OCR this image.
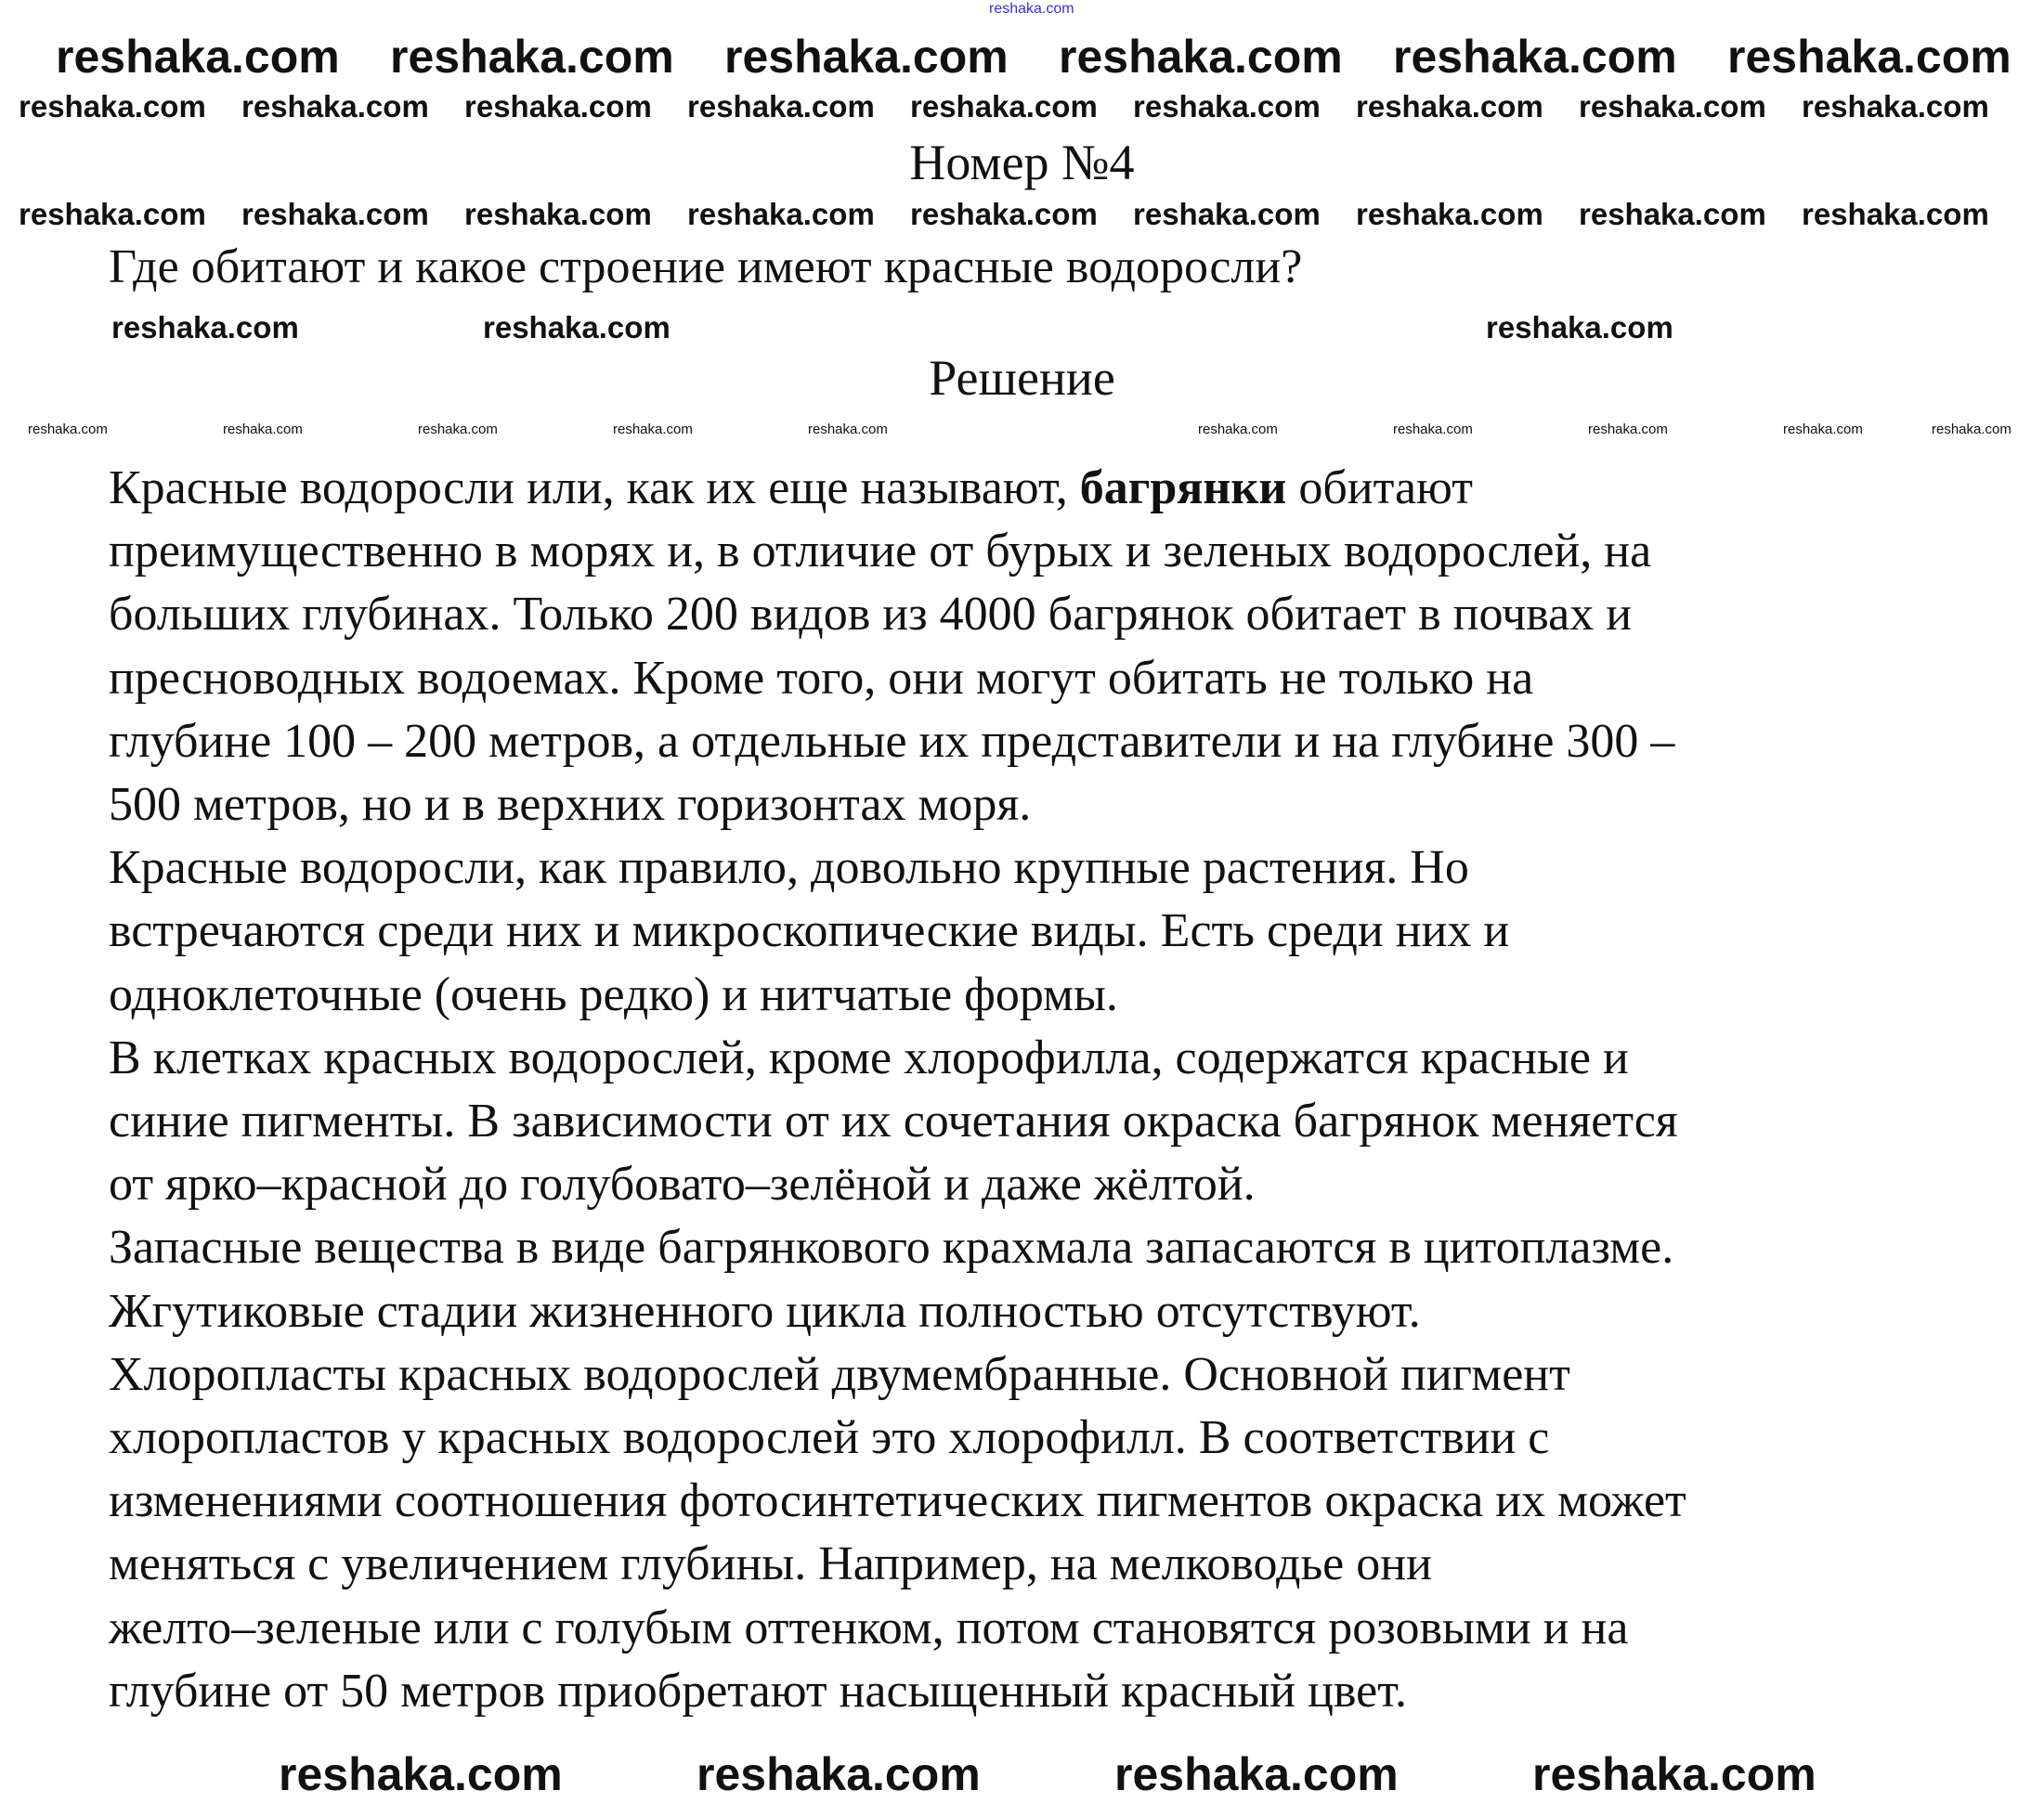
reshaka.com
Номер №4
Где обитают и какое строение имеют красные водоросли?
Решение
Красные водоросли или, как их еще называют, багрянки обитают
преимущественно в морях и, в отличие от бурых и зеленых водорослей, на
больших глубинах. Только 200 видов из 4000 багрянок обитает в почвах и
пресноводных водоемах. Кроме того, они могут обитать не только на
глубине 100 – 200 метров, а отдельные их представители и на глубине 300 –
500 метров, но и в верхних горизонтах моря.
Красные водоросли, как правило, довольно крупные растения. Но
встречаются среди них и микроскопические виды. Есть среди них и
одноклеточные (очень редко) и нитчатые формы.
В клетках красных водорослей, кроме хлорофилла, содержатся красные и
синие пигменты. В зависимости от их сочетания окраска багрянок меняется
от ярко–красной до голубовато–зелёной и даже жёлтой.
Запасные вещества в виде багрянкового крахмала запасаются в цитоплазме.
Жгутиковые стадии жизненного цикла полностью отсутствуют.
Хлоропласты красных водорослей двумембранные. Основной пигмент
хлоропластов у красных водорослей это хлорофилл. В соответствии с
изменениями соотношения фотосинтетических пигментов окраска их может
меняться с увеличением глубины. Например, на мелководье они
желто–зеленые или с голубым оттенком, потом становятся розовыми и на
глубине от 50 метров приобретают насыщенный красный цвет.
reshaka.com reshaka.com reshaka.com reshaka.com reshaka.com reshaka.com
reshaka.com	reshaka.com	reshaka.com	reshaka.com
reshaka.com reshaka.com reshaka.com reshaka.com reshaka.com reshaka.com reshaka.com reshaka.com reshaka.com
reshaka.com reshaka.com reshaka.com reshaka.com reshaka.com reshaka.com reshaka.com reshaka.com reshaka.com
reshaka.com	reshaka.com	reshaka.com
reshaka.com	reshaka.com	reshaka.com	reshaka.com	reshaka.com	reshaka.com	reshaka.com	reshaka.com	reshaka.com	reshaka.com
